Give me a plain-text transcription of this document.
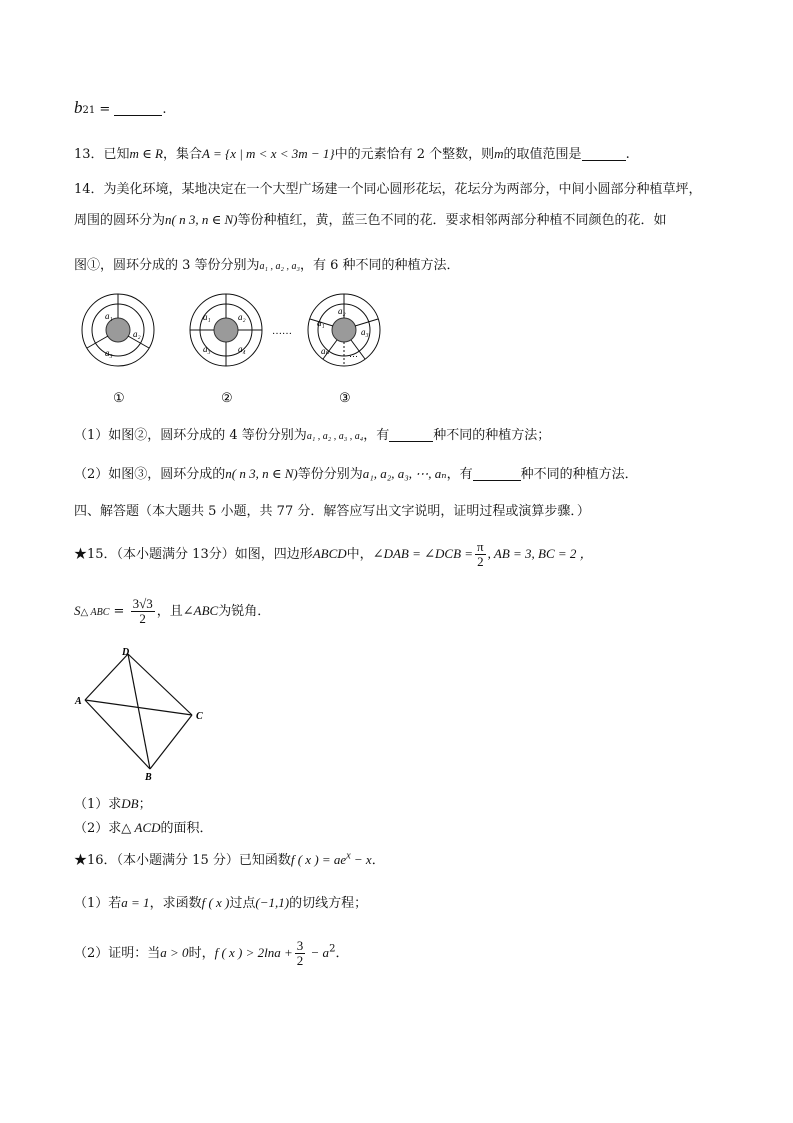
b21 =	.
13．已知m ∈ R，集合A = {x | m < x < 3m − 1}中的元素恰有 2 个整数，则m的取值范围是	.
14．为美化环境，某地决定在一个大型广场建一个同心圆形花坛，花坛分为两部分，中间小圆部分种植草坪，
周围的圆环分为n( n 3, n ∈ N)等份种植红，黄，蓝三色不同的花．要求相邻两部分种植不同颜色的花．如
图①，圆环分成的 3 等份分别为a₁ , a₂ , a₃，有 6 种不同的种植方法．
a₁
a₂
a₃
①
a₁	a₂
a₃	a₄
②
……
a₁
a₂
a₃
…
aₙ
③
（1）如图②，圆环分成的 4 等份分别为a₁ , a₂ , a₃ , a₄，有	种不同的种植方法；
（2）如图③，圆环分成的n( n 3, n ∈ N)等份分别为a₁, a₂, a₃, ⋯, aₙ，有	种不同的种植方法．
四、解答题（本大题共 5 小题，共 77 分．解答应写出文字说明，证明过程或演算步骤．）
★15．（本小题满分 13分）如图，四边形ABCD中，∠DAB = ∠DCB = $\frac{\pi}{2}$ , AB = 3, BC = 2 ，
S△ ABC = $\frac{3√3}{2}$ ，且∠ABC为锐角．
D
A
C
B
（1）求DB；
（2）求△ ACD的面积．
★16．（本小题满分 15 分）已知函数f ( x ) = $ae^x - x$．
（1）若a = 1，求函数f ( x )过点(−1,1)的切线方程；
（2）证明：当a > 0时，f ( x ) > $2\ln a + \frac{3}{2} - a^2$．
